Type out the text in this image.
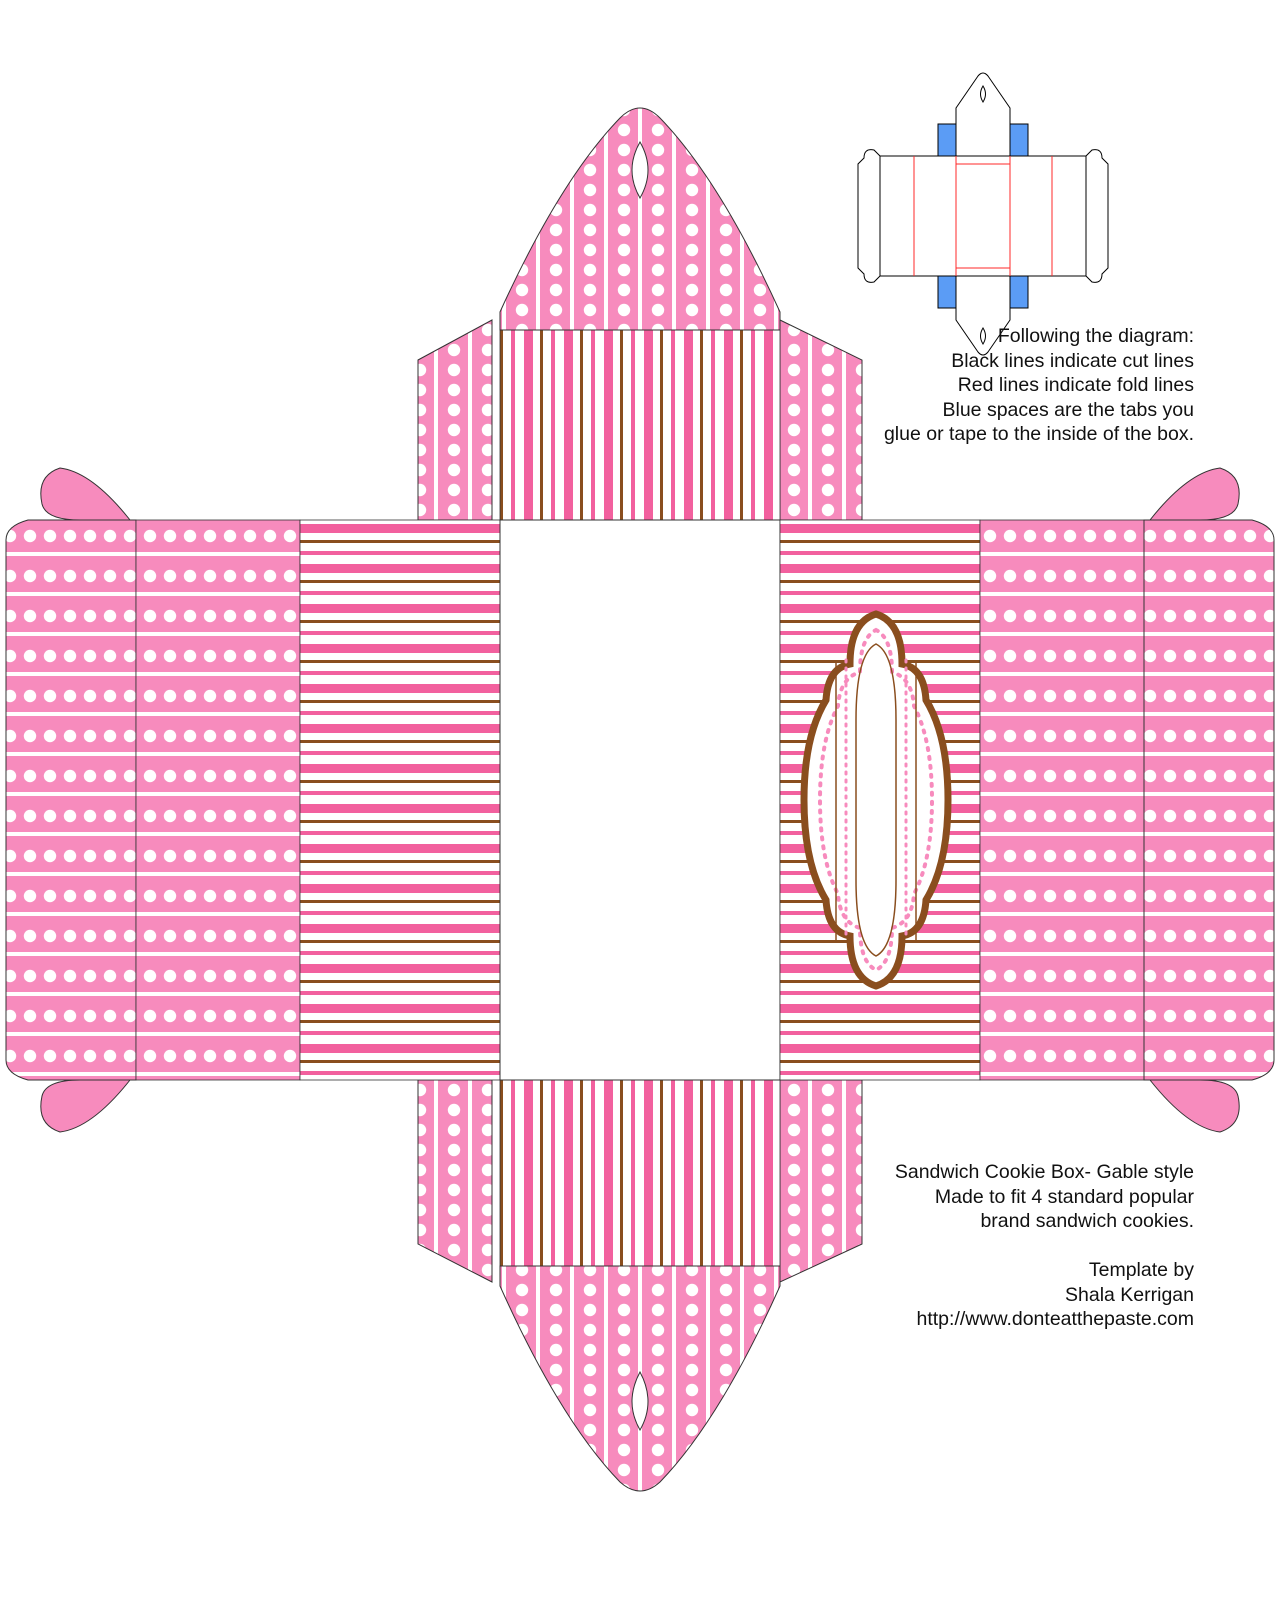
Following the diagram:
Black lines indicate cut lines
Red lines indicate fold lines
Blue spaces are the tabs you
glue or tape to the inside of the box.
Sandwich Cookie Box- Gable style
Made to fit 4 standard popular
brand sandwich cookies.
Template by
Shala Kerrigan
http://www.donteatthepaste.com
